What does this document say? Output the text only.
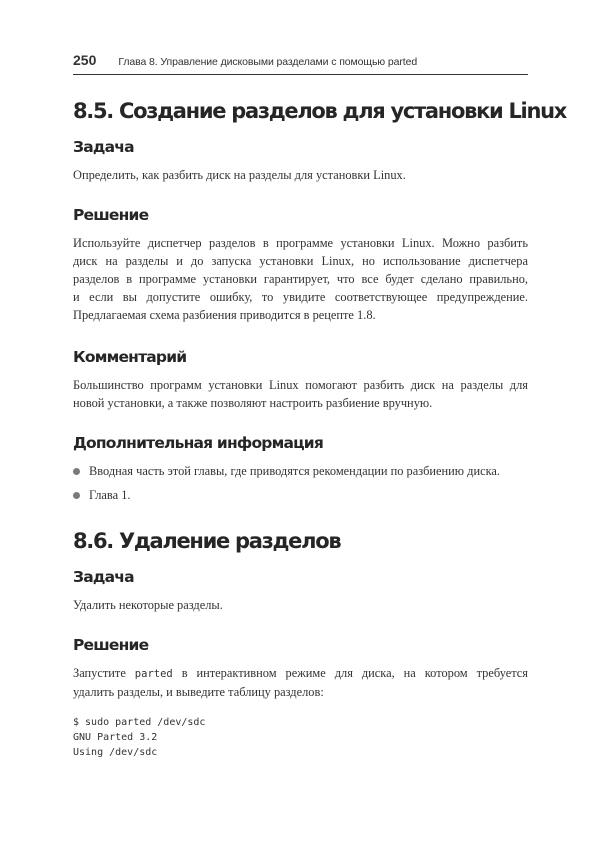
250 Глава 8. Управление дисковыми разделами с помощью parted
8.5. Создание разделов для установки Linux
Задача

Определить, как разбить диск на разделы для установки Linux.

Решение

Используйте диспетчер разделов в программе установки Linux. Можно разбить

диск на разделы и до запуска установки Linux, но использование диспетчера

разделов в программе установки гарантирует, что все будет сделано правильно,

и если вы допустите ошибку, то увидите соответствующее предупреждение.

Предлагаемая схема разбиения приводится в рецепте 1.8.

Комментарий

Большинство программ установки Linux помогают разбить диск на разделы для

новой установки, а также позволяют настроить разбиение вручную.

Дополнительная информация
Вводная часть этой главы, где приводятся рекомендации по разбиению диска.
Глава 1.
8.6. Удаление разделов
Задача

Удалить некоторые разделы.

Решение

Запустите parted в интерактивном режиме для диска, на котором требуется

удалить разделы, и выведите таблицу разделов:

$ sudo parted /dev/sdc
GNU Parted 3.2
Using /dev/sdc
